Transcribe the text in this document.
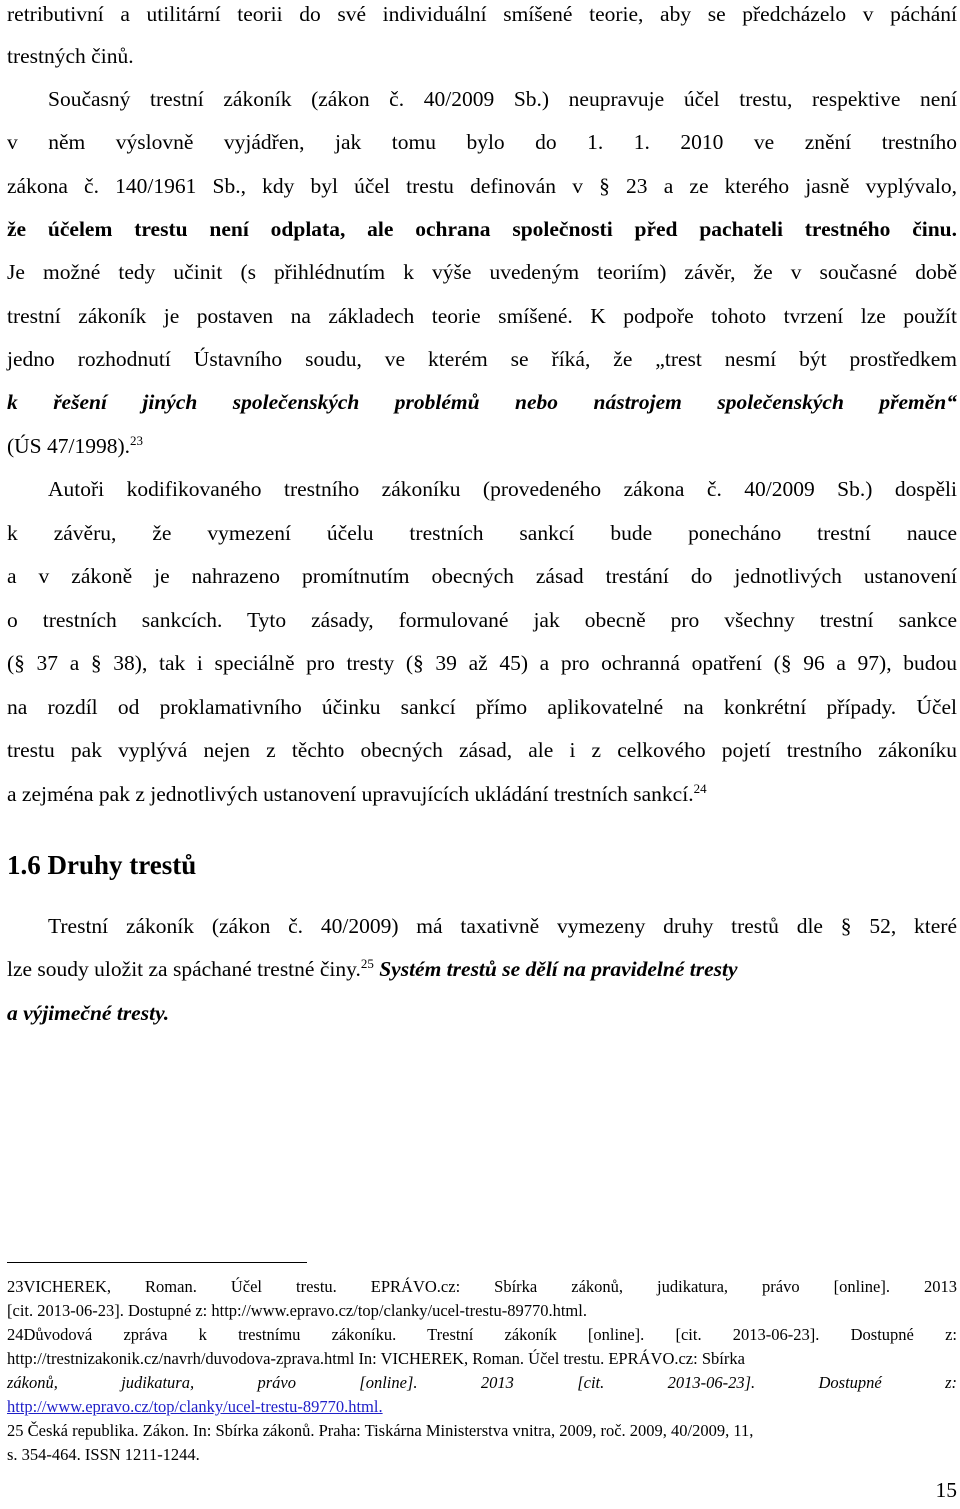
retributivní a utilitární teorii do své individuální smíšené teorie, aby se předcházelo v páchání
trestných činů.
Současný trestní zákoník (zákon č. 40/2009 Sb.) neupravuje účel trestu, respektive není
v něm výslovně vyjádřen, jak tomu bylo do 1. 1. 2010 ve znění trestního
zákona č. 140/1961 Sb., kdy byl účel trestu definován v § 23 a ze kterého jasně vyplývalo,
že účelem trestu není odplata, ale ochrana společnosti před pachateli trestného činu.
Je možné tedy učinit (s přihlédnutím k výše uvedeným teoriím) závěr, že v současné době
trestní zákoník je postaven na základech teorie smíšené. K podpoře tohoto tvrzení lze použít
jedno rozhodnutí Ústavního soudu, ve kterém se říká, že „trest nesmí být prostředkem
k řešení jiných společenských problémů nebo nástrojem společenských přeměn“
(ÚS 47/1998).$^{23}$
Autoři kodifikovaného trestního zákoníku (provedeného zákona č. 40/2009 Sb.) dospěli
k závěru, že vymezení účelu trestních sankcí bude ponecháno trestní nauce
a v zákoně je nahrazeno promítnutím obecných zásad trestání do jednotlivých ustanovení
o trestních sankcích. Tyto zásady, formulované jak obecně pro všechny trestní sankce
(§ 37 a § 38), tak i speciálně pro tresty (§ 39 až 45) a pro ochranná opatření (§ 96 a 97), budou
na rozdíl od proklamativního účinku sankcí přímo aplikovatelné na konkrétní případy. Účel
trestu pak vyplývá nejen z těchto obecných zásad, ale i z celkového pojetí trestního zákoníku
a zejména pak z jednotlivých ustanovení upravujících ukládání trestních sankcí.$^{24}$
1.6 Druhy trestů
Trestní zákoník (zákon č. 40/2009) má taxativně vymezeny druhy trestů dle § 52, které
lze soudy uložit za spáchané trestné činy.$^{25}$ Systém trestů se dělí na pravidelné tresty
a výjimečné tresty.
23VICHEREK, Roman. Účel trestu. EPRÁVO.cz: Sbírka zákonů, judikatura, právo [online]. 2013
[cit. 2013-06-23]. Dostupné z: http://www.epravo.cz/top/clanky/ucel-trestu-89770.html.
24Důvodová zpráva k trestnímu zákoníku. Trestní zákoník [online]. [cit. 2013-06-23]. Dostupné z:
http://trestnizakonik.cz/navrh/duvodova-zprava.html In: VICHEREK, Roman. Účel trestu. EPRÁVO.cz: Sbírka
zákonů, judikatura, právo [online]. 2013 [cit. 2013-06-23]. Dostupné z:
http://www.epravo.cz/top/clanky/ucel-trestu-89770.html.
25 Česká republika. Zákon. In: Sbírka zákonů. Praha: Tiskárna Ministerstva vnitra, 2009, roč. 2009, 40/2009, 11,
s. 354-464. ISSN 1211-1244.
15
